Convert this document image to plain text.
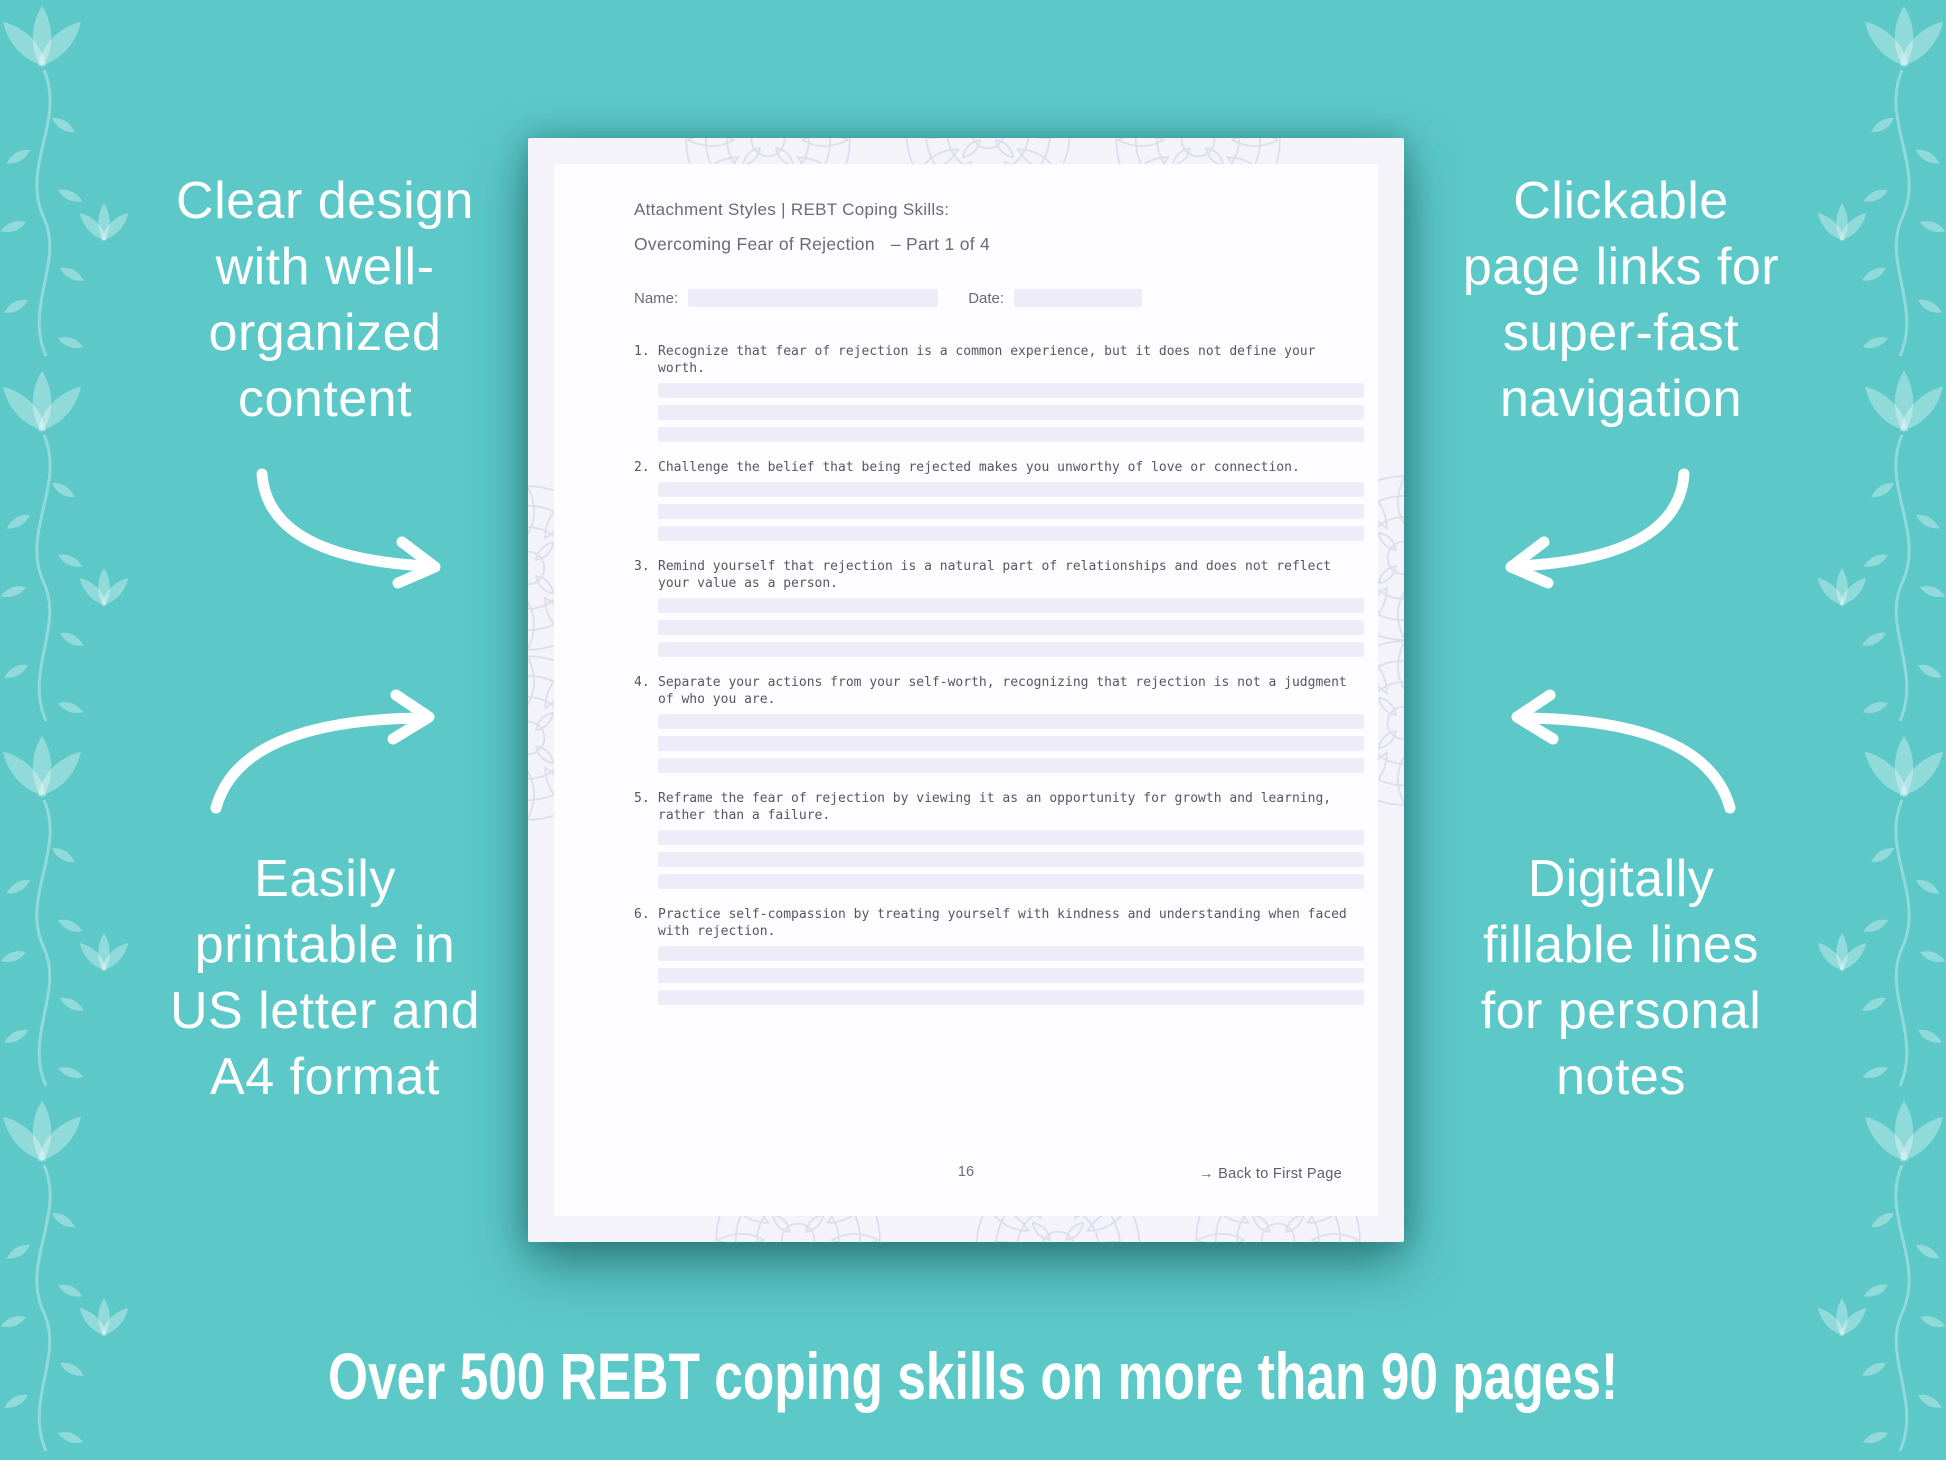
Clear design
with well-
organized
content
Clickable
page links for
super-fast
navigation
Easily
printable in
US letter and
A4 format
Digitally
fillable lines
for personal
notes
Attachment Styles | REBT Coping Skills:
Overcoming Fear of Rejection – Part 1 of 4
Name:	Date:
1. Recognize that fear of rejection is a common experience, but it does not define your worth.
2. Challenge the belief that being rejected makes you unworthy of love or connection.
3. Remind yourself that rejection is a natural part of relationships and does not reflect your value as a person.
4. Separate your actions from your self-worth, recognizing that rejection is not a judgment of who you are.
5. Reframe the fear of rejection by viewing it as an opportunity for growth and learning, rather than a failure.
6. Practice self-compassion by treating yourself with kindness and understanding when faced with rejection.
16	→ Back to First Page
Over 500 REBT coping skills on more than 90 pages!
